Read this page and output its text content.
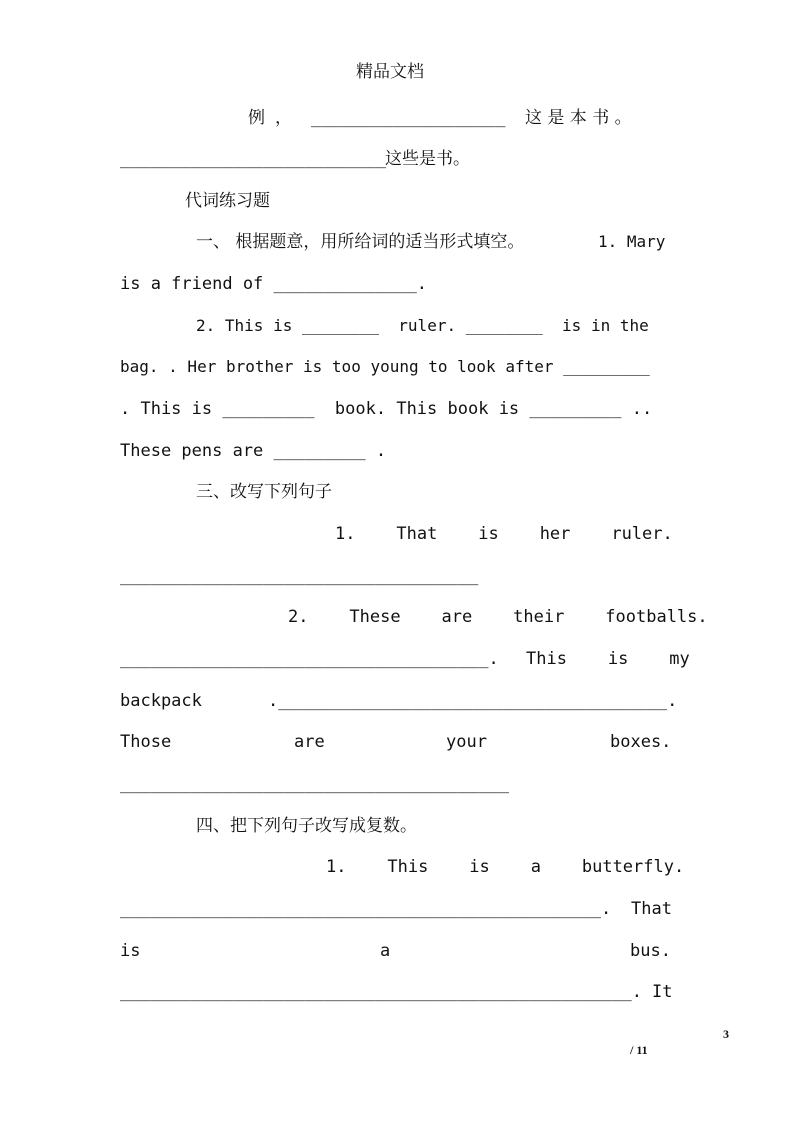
精品文档
例， ___________________ 这 是 本 书 。
__________________________
这些是书。
代词练习题
一、 根据题意，用所给词的适当形式填空。	1. Mary
is a friend of ______________.
2. This is ________  ruler. ________  is in the
bag. . Her brother is too young to look after _________
. This is _________  book. This book is _________ ..
These pens are _________ .
三、改写下列句子
1.    That    is    her    ruler.
___________________________________
2.    These    are    their    footballs.
____________________________________. This    is    my
backpack	.______________________________________.
Those	are	your	boxes.
______________________________________
四、把下列句子改写成复数。
1.    This    is    a    butterfly.
_______________________________________________. That
is	a	bus.
__________________________________________________. It
3
/ 11
